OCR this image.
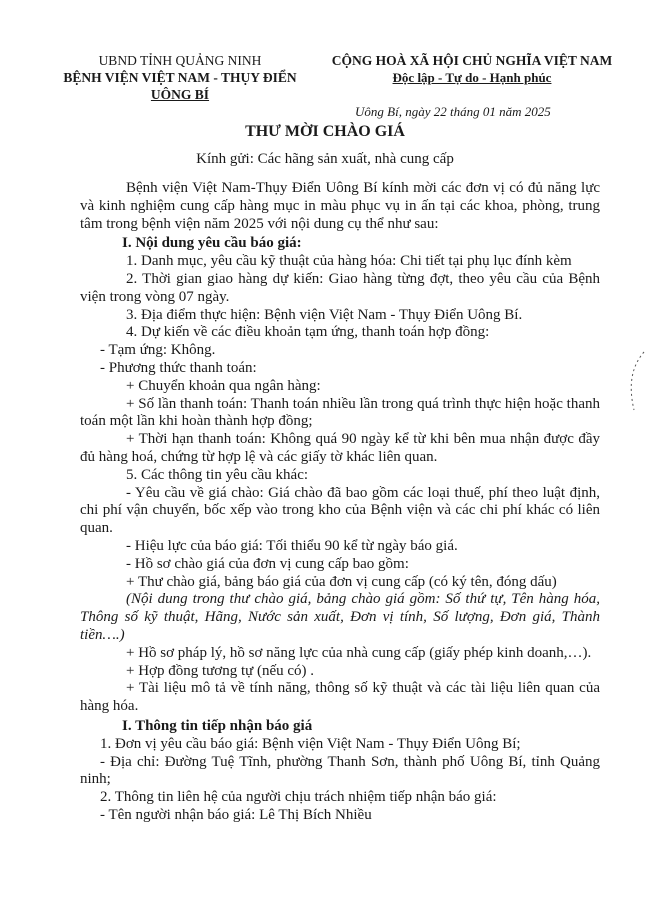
UBND TỈNH QUẢNG NINH
BỆNH VIỆN VIỆT NAM - THỤY ĐIỂN
UÔNG BÍ
CỘNG HOÀ XÃ HỘI CHỦ NGHĨA VIỆT NAM
Độc lập - Tự do - Hạnh phúc
Uông Bí, ngày 22 tháng 01 năm 2025
THƯ MỜI CHÀO GIÁ
Kính gửi: Các hãng sản xuất, nhà cung cấp

Bệnh viện Việt Nam-Thụy Điển Uông Bí kính mời các đơn vị có đủ năng lực và kinh nghiệm cung cấp hàng mục in màu phục vụ in ấn tại các khoa, phòng, trung tâm trong bệnh viện năm 2025 với nội dung cụ thể như sau:

I. Nội dung yêu cầu báo giá:

1. Danh mục, yêu cầu kỹ thuật của hàng hóa: Chi tiết tại phụ lục đính kèm

2. Thời gian giao hàng dự kiến: Giao hàng từng đợt, theo yêu cầu của Bệnh viện trong vòng 07 ngày.

3. Địa điểm thực hiện: Bệnh viện Việt Nam - Thụy Điển Uông Bí.

4. Dự kiến về các điều khoản tạm ứng, thanh toán hợp đồng:

- Tạm ứng: Không.

- Phương thức thanh toán:

+ Chuyển khoản qua ngân hàng:

+ Số lần thanh toán: Thanh toán nhiều lần trong quá trình thực hiện hoặc thanh toán một lần khi hoàn thành hợp đồng;

+ Thời hạn thanh toán: Không quá 90 ngày kể từ khi bên mua nhận được đầy đủ hàng hoá, chứng từ hợp lệ và các giấy tờ khác liên quan.

5. Các thông tin yêu cầu khác:

- Yêu cầu về giá chào: Giá chào đã bao gồm các loại thuế, phí theo luật định, chi phí vận chuyển, bốc xếp vào trong kho của Bệnh viện và các chi phí khác có liên quan.

- Hiệu lực của báo giá: Tối thiểu 90 kể từ ngày báo giá.

- Hồ sơ chào giá của đơn vị cung cấp bao gồm:

+ Thư chào giá, bảng báo giá của đơn vị cung cấp (có ký tên, đóng dấu)

(Nội dung trong thư chào giá, bảng chào giá gồm: Số thứ tự, Tên hàng hóa, Thông số kỹ thuật, Hãng, Nước sản xuất, Đơn vị tính, Số lượng, Đơn giá, Thành tiền….)

+ Hồ sơ pháp lý, hồ sơ năng lực của nhà cung cấp (giấy phép kinh doanh,…).

+ Hợp đồng tương tự (nếu có) .

+ Tài liệu mô tả về tính năng, thông số kỹ thuật và các tài liệu liên quan của hàng hóa.

I. Thông tin tiếp nhận báo giá

1. Đơn vị yêu cầu báo giá: Bệnh viện Việt Nam - Thụy Điển Uông Bí;

- Địa chỉ: Đường Tuệ Tĩnh, phường Thanh Sơn, thành phố Uông Bí, tỉnh Quảng ninh;

2. Thông tin liên hệ của người chịu trách nhiệm tiếp nhận báo giá:

- Tên người nhận báo giá: Lê Thị Bích Nhiều
